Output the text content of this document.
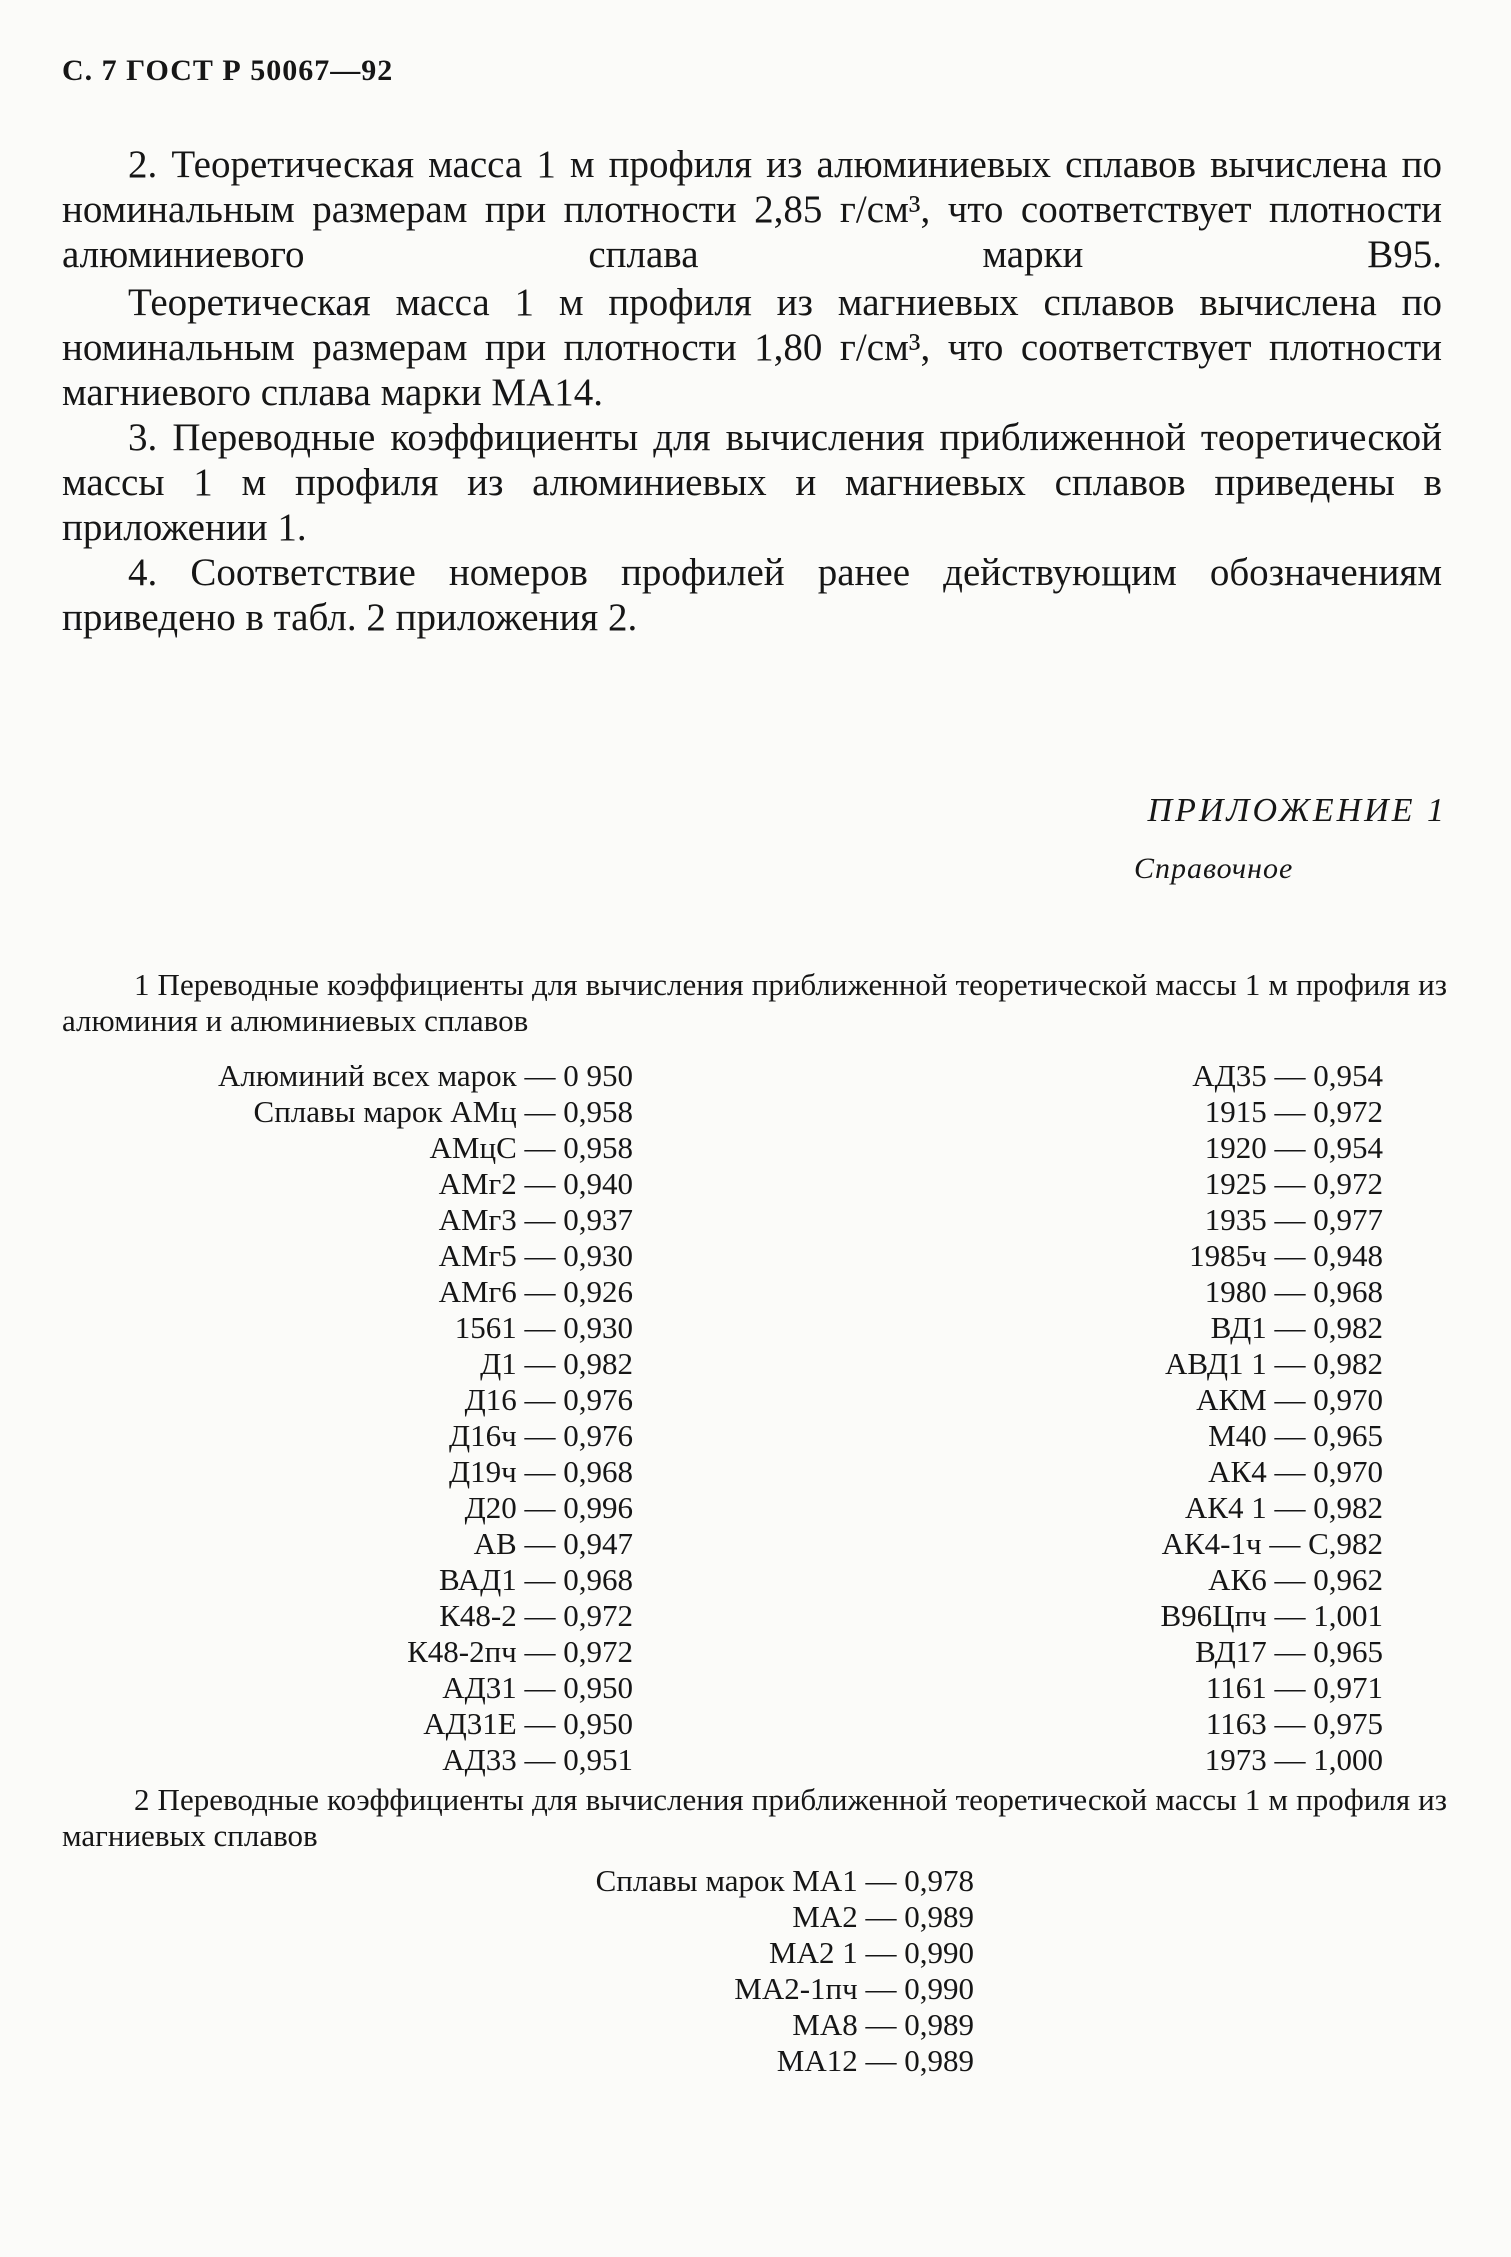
С. 7 ГОСТ Р 50067—92

2. Теоретическая масса 1 м профиля из алюминиевых сплавов вычислена по номинальным размерам при плотности 2,85 г/см³, что соответствует плотности алюминиевого сплава марки В95.

Теоретическая масса 1 м профиля из магниевых сплавов вычислена по номинальным размерам при плотности 1,80 г/см³, что соответствует плотности магниевого сплава марки МА14.

3. Переводные коэффициенты для вычисления приближенной теоретической массы 1 м профиля из алюминиевых и магниевых сплавов приведены в приложении 1.

4. Соответствие номеров профилей ранее действующим обозначениям приведено в табл. 2 приложения 2.

ПРИЛОЖЕНИЕ 1
Справочное

1 Переводные коэффициенты для вычисления приближенной теоретической массы 1 м профиля из алюминия и алюминиевых сплавов

Алюминий всех марок — 0 950
Сплавы марок АМц — 0,958
АМцС — 0,958
АМг2 — 0,940
АМг3 — 0,937
АМг5 — 0,930
АМг6 — 0,926
1561 — 0,930
Д1 — 0,982
Д16 — 0,976
Д16ч — 0,976
Д19ч — 0,968
Д20 — 0,996
АВ — 0,947
ВАД1 — 0,968
К48-2 — 0,972
К48-2пч — 0,972
АД31 — 0,950
АД31Е — 0,950
АД33 — 0,951
АД35 — 0,954
1915 — 0,972
1920 — 0,954
1925 — 0,972
1935 — 0,977
1985ч — 0,948
1980 — 0,968
ВД1 — 0,982
АВД1 1 — 0,982
АКМ — 0,970
М40 — 0,965
АК4 — 0,970
АК4 1 — 0,982
АК4-1ч — С,982
АК6 — 0,962
В96Цпч — 1,001
ВД17 — 0,965
1161 — 0,971
1163 — 0,975
1973 — 1,000

2 Переводные коэффициенты для вычисления приближенной теоретической массы 1 м профиля из магниевых сплавов

Сплавы марок МА1 — 0,978
МА2 — 0,989
МА2 1 — 0,990
МА2-1пч — 0,990
МА8 — 0,989
МА12 — 0,989
